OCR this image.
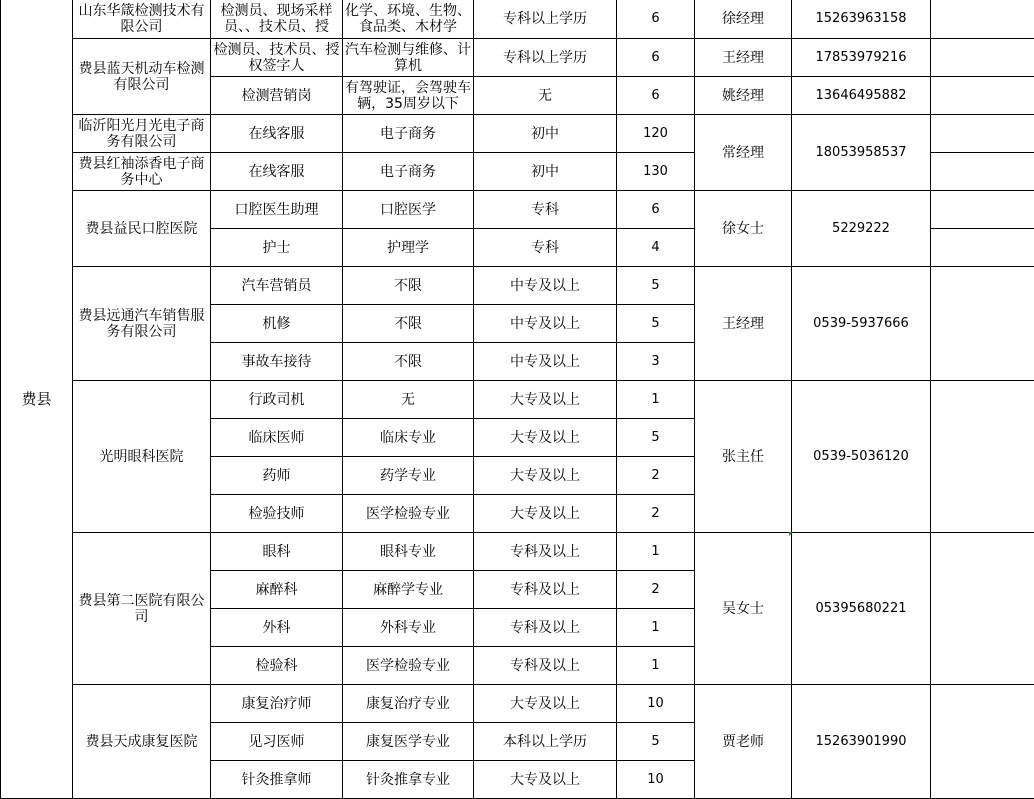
费县	山东华箴检测技术有限公司	检测员、现场采样员、、技术员、授	化学、环境、生物、食品类、木材学	专科以上学历	6	徐经理	15263963158	
	费县蓝天机动车检测有限公司	检测员、技术员、授权签字人	汽车检测与维修、计算机	专科以上学历	6	王经理	17853979216	
		检测营销岗	有驾驶证，会驾驶车辆，35周岁以下	无	6	姚经理	13646495882	
	临沂阳光月光电子商务有限公司	在线客服	电子商务	初中	120	常经理	18053958537	
	费县红袖添香电子商务中心	在线客服	电子商务	初中	130			
	费县益民口腔医院	口腔医生助理	口腔医学	专科	6	徐女士	5229222	
		护士	护理学	专科	4			
	费县远通汽车销售服务有限公司	汽车营销员	不限	中专及以上	5	王经理	0539-5937666	
		机修	不限	中专及以上	5			
		事故车接待	不限	中专及以上	3			
	光明眼科医院	行政司机	无	大专及以上	1	张主任	0539-5036120	
		临床医师	临床专业	大专及以上	5			
		药师	药学专业	大专及以上	2			
		检验技师	医学检验专业	大专及以上	2			
	费县第二医院有限公司	眼科	眼科专业	专科及以上	1	吴女士	05395680221	
		麻醉科	麻醉学专业	专科及以上	2			
		外科	外科专业	专科及以上	1			
		检验科	医学检验专业	专科及以上	1			
	费县天成康复医院	康复治疗师	康复治疗专业	大专及以上	10	贾老师	15263901990	
		见习医师	康复医学专业	本科以上学历	5			
		针灸推拿师	针灸推拿专业	大专及以上	10			
